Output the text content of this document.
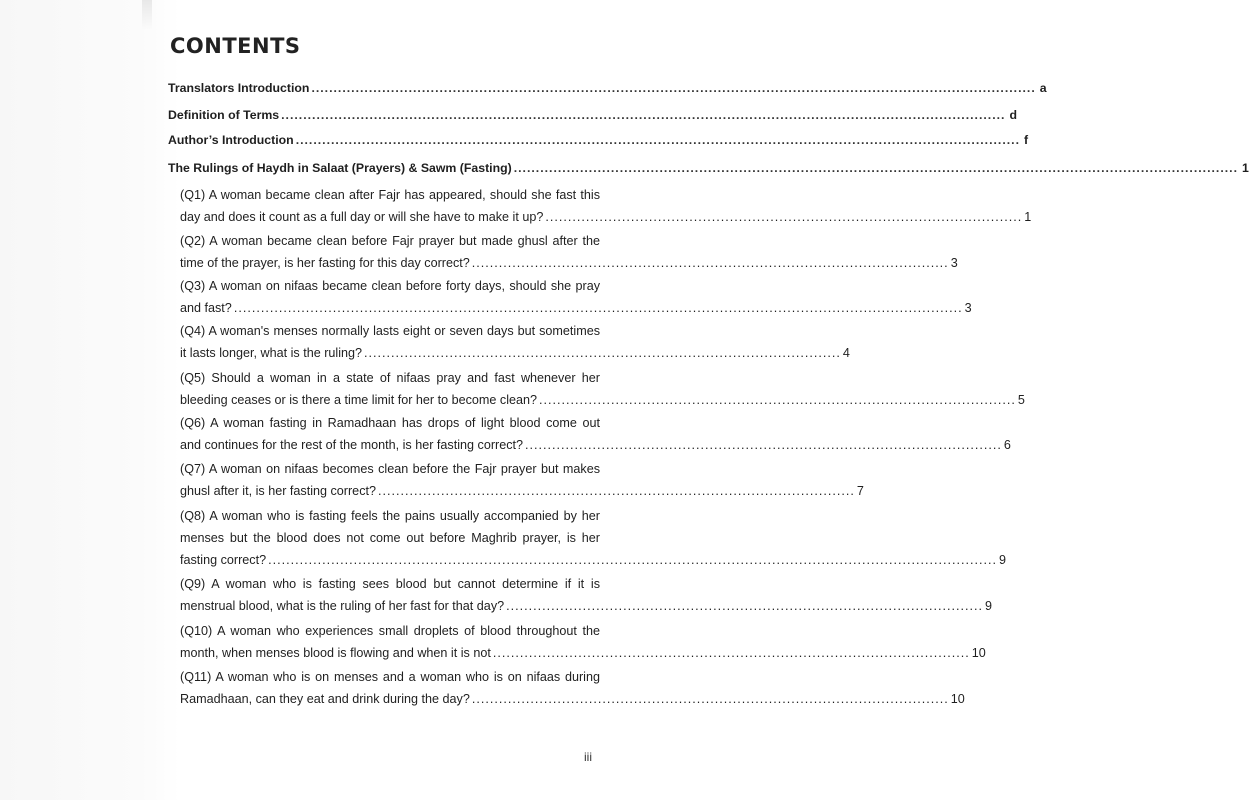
CONTENTS
Translators Introduction .................................................................................................................................................................... a
Definition of Terms .................................................................................................................................................................... d
Author’s Introduction .................................................................................................................................................................... f
The Rulings of Haydh in Salaat (Prayers) & Sawm (Fasting) .................................................................................................................................................................... 1
(Q1) A woman became clean after Fajr has appeared, should she fast this
day and does it count as a full day or will she have to make it up? .......................................................................................................... 1
(Q2) A woman became clean before Fajr prayer but made ghusl after the
time of the prayer, is her fasting for this day correct? .......................................................................................................... 3
(Q3) A woman on nifaas became clean before forty days, should she pray
and fast? .................................................................................................................................................................. 3
(Q4) A woman's menses normally lasts eight or seven days but sometimes
it lasts longer, what is the ruling? .......................................................................................................... 4
(Q5) Should a woman in a state of nifaas pray and fast whenever her
bleeding ceases or is there a time limit for her to become clean? .......................................................................................................... 5
(Q6) A woman fasting in Ramadhaan has drops of light blood come out
and continues for the rest of the month, is her fasting correct? .......................................................................................................... 6
(Q7) A woman on nifaas becomes clean before the Fajr prayer but makes
ghusl after it, is her fasting correct? .......................................................................................................... 7
(Q8) A woman who is fasting feels the pains usually accompanied by her
menses but the blood does not come out before Maghrib prayer, is her
fasting correct? .................................................................................................................................................................. 9
(Q9) A woman who is fasting sees blood but cannot determine if it is
menstrual blood, what is the ruling of her fast for that day? .......................................................................................................... 9
(Q10) A woman who experiences small droplets of blood throughout the
month, when menses blood is flowing and when it is not .......................................................................................................... 10
(Q11) A woman who is on menses and a woman who is on nifaas during
Ramadhaan, can they eat and drink during the day? .......................................................................................................... 10
iii
